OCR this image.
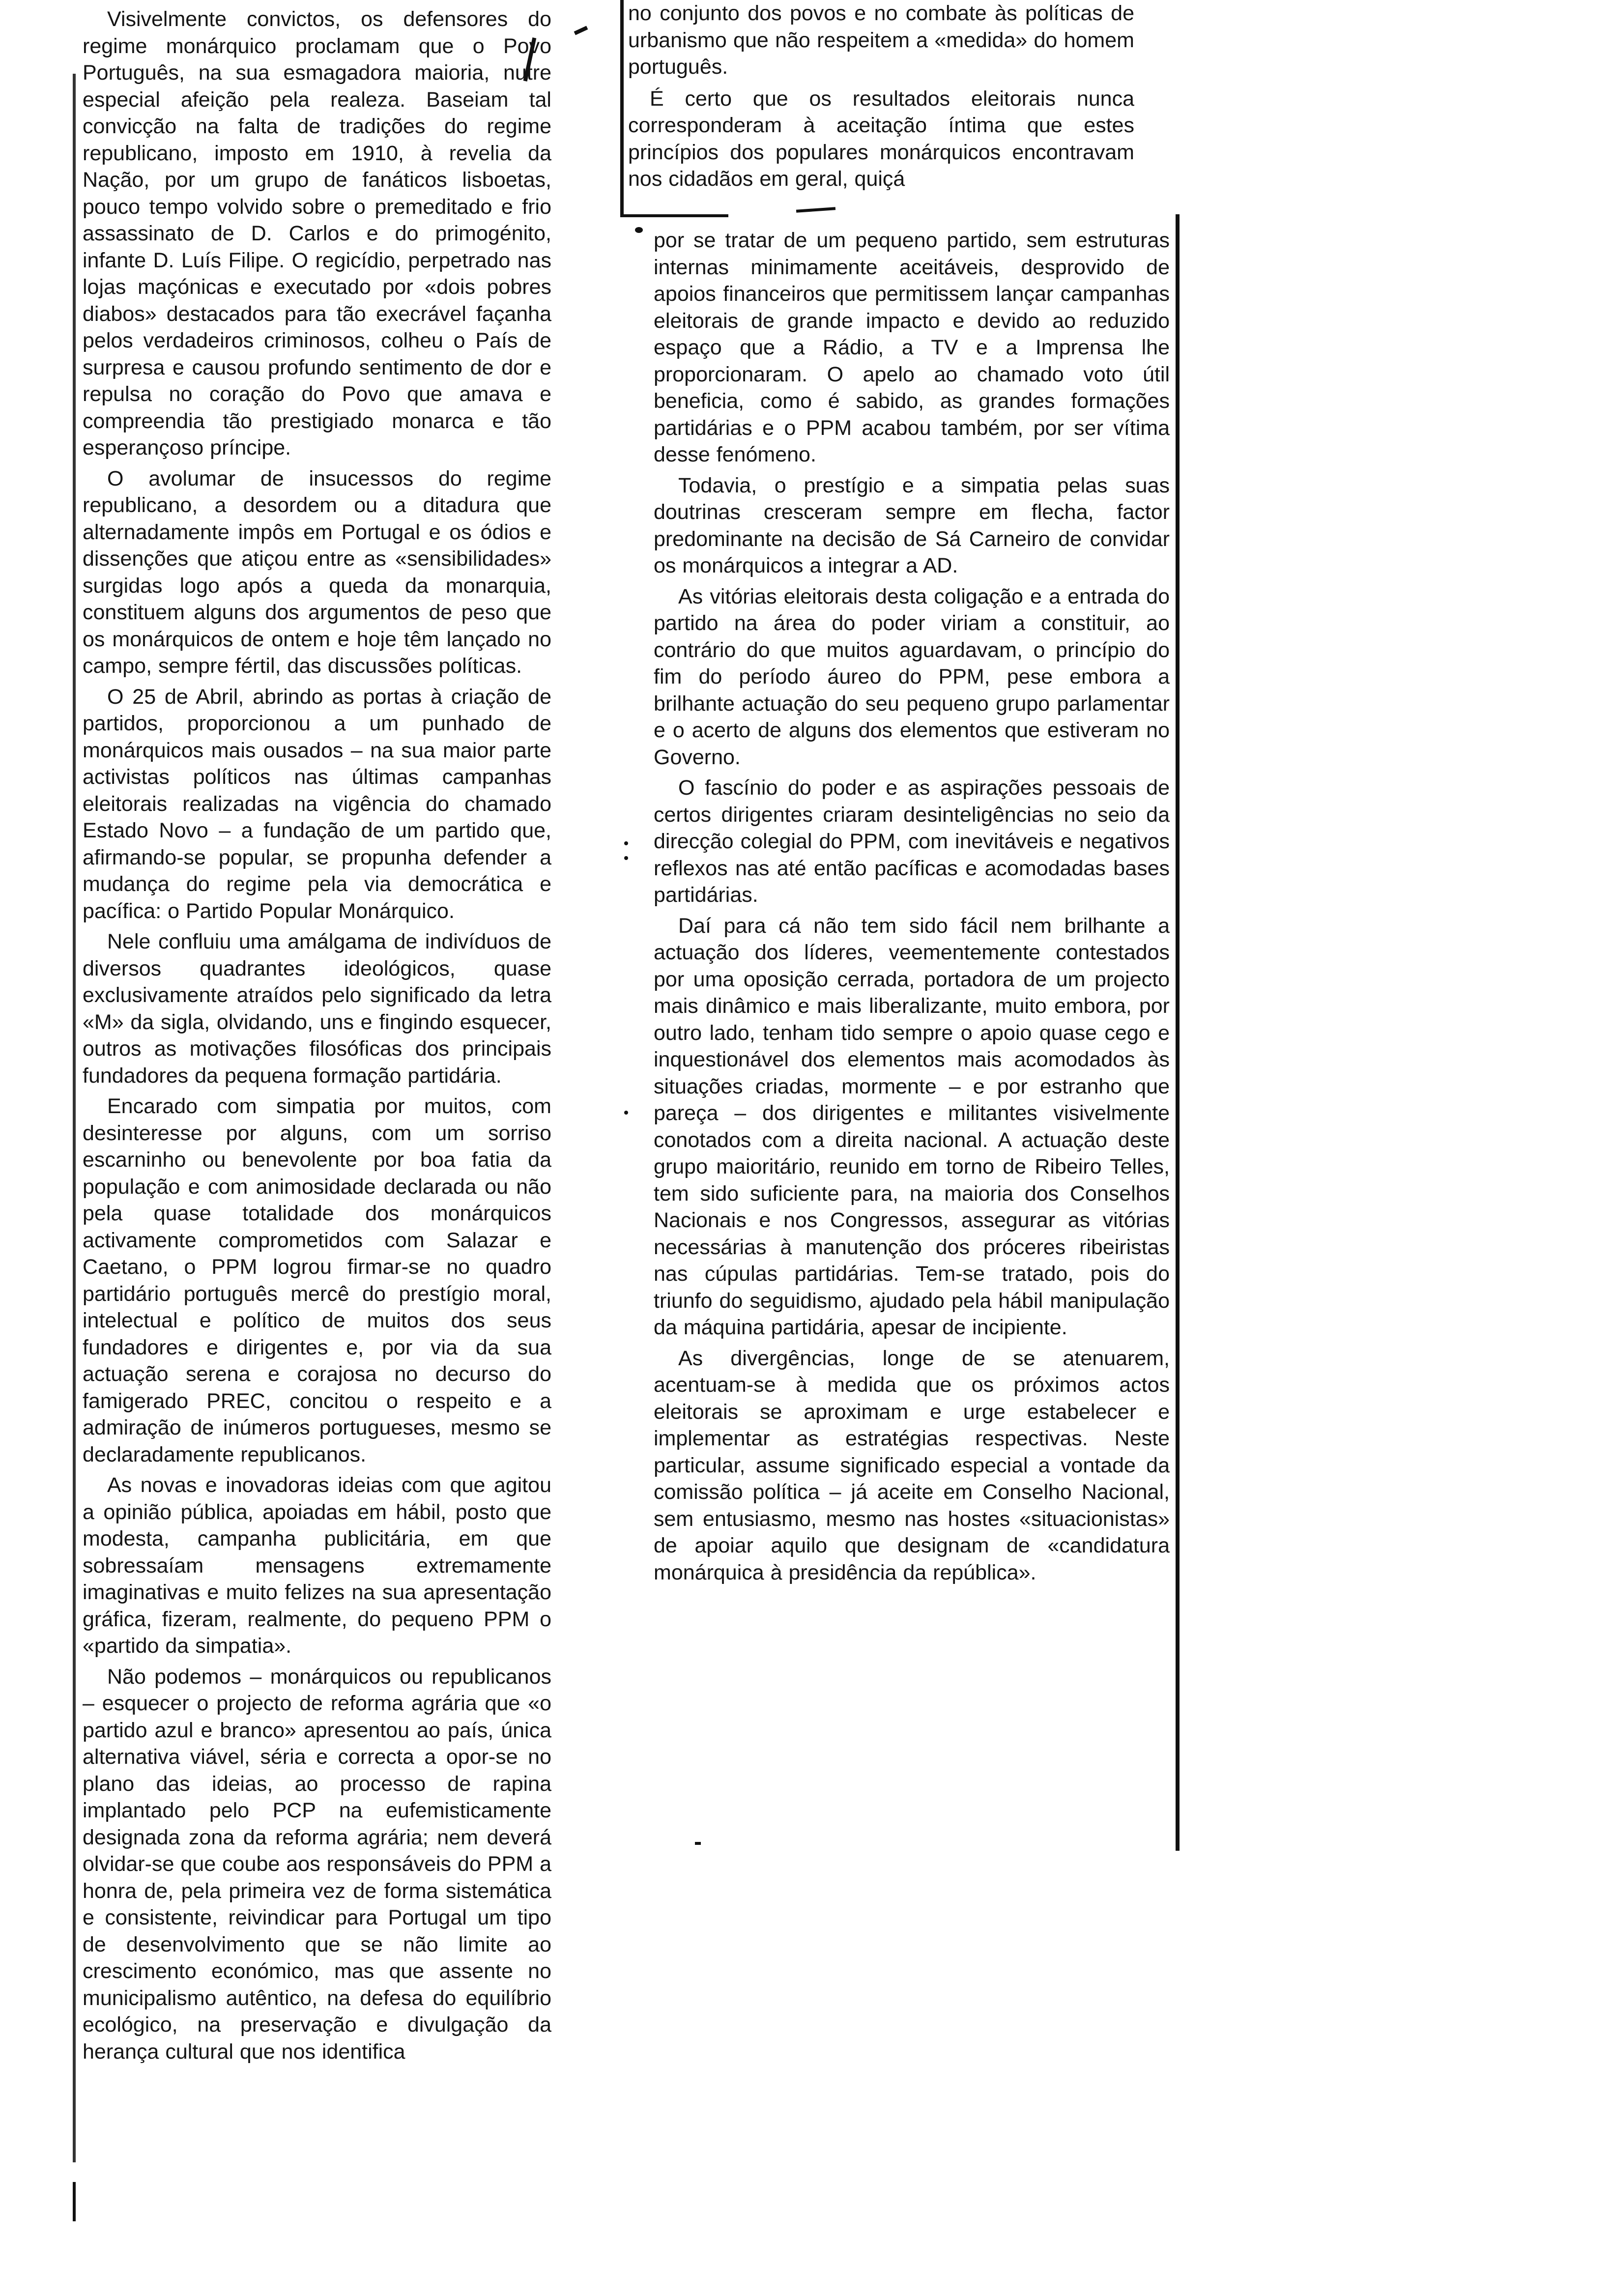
Visivelmente convictos, os defensores do regime monárquico proclamam que o Povo Português, na sua esmagadora maioria, nutre especial afeição pela realeza. Baseiam tal convicção na falta de tradições do regime republicano, imposto em 1910, à revelia da Nação, por um grupo de fanáticos lisboetas, pouco tempo volvido sobre o premeditado e frio assassinato de D. Carlos e do primogénito, infante D. Luís Filipe. O regicídio, perpetrado nas lojas maçónicas e executado por «dois pobres diabos» destacados para tão execrável façanha pelos verdadeiros criminosos, colheu o País de surpresa e causou profundo sentimento de dor e repulsa no coração do Povo que amava e compreendia tão prestigiado monarca e tão esperançoso príncipe.

O avolumar de insucessos do regime republicano, a desordem ou a ditadura que alternadamente impôs em Portugal e os ódios e dissenções que atiçou entre as «sensibilidades» surgidas logo após a queda da monarquia, constituem alguns dos argumentos de peso que os monárquicos de ontem e hoje têm lançado no campo, sempre fértil, das discussões políticas.

O 25 de Abril, abrindo as portas à criação de partidos, proporcionou a um punhado de monárquicos mais ousados – na sua maior parte activistas políticos nas últimas campanhas eleitorais realizadas na vigência do chamado Estado Novo – a fundação de um partido que, afirmando-se popular, se propunha defender a mudança do regime pela via democrática e pacífica: o Partido Popular Monárquico.

Nele confluiu uma amálgama de indivíduos de diversos quadrantes ideológicos, quase exclusivamente atraídos pelo significado da letra «M» da sigla, olvidando, uns e fingindo esquecer, outros as motivações filosóficas dos principais fundadores da pequena formação partidária.

Encarado com simpatia por muitos, com desinteresse por alguns, com um sorriso escarninho ou benevolente por boa fatia da população e com animosidade declarada ou não pela quase totalidade dos monárquicos activamente comprometidos com Salazar e Caetano, o PPM logrou firmar-se no quadro partidário português mercê do prestígio moral, intelectual e político de muitos dos seus fundadores e dirigentes e, por via da sua actuação serena e corajosa no decurso do famigerado PREC, concitou o respeito e a admiração de inúmeros portugueses, mesmo se declaradamente republicanos.

As novas e inovadoras ideias com que agitou a opinião pública, apoiadas em hábil, posto que modesta, campanha publicitária, em que sobressaíam mensagens extremamente imaginativas e muito felizes na sua apresentação gráfica, fizeram, realmente, do pequeno PPM o «partido da simpatia».

Não podemos – monárquicos ou republicanos – esquecer o projecto de reforma agrária que «o partido azul e branco» apresentou ao país, única alternativa viável, séria e correcta a opor-se no plano das ideias, ao processo de rapina implantado pelo PCP na eufemisticamente designada zona da reforma agrária; nem deverá olvidar-se que coube aos responsáveis do PPM a honra de, pela primeira vez de forma sistemática e consistente, reivindicar para Portugal um tipo de desenvolvimento que se não limite ao crescimento económico, mas que assente no municipalismo autêntico, na defesa do equilíbrio ecológico, na preservação e divulgação da herança cultural que nos identifica

no conjunto dos povos e no combate às políticas de urbanismo que não respeitem a «medida» do homem português.

É certo que os resultados eleitorais nunca corresponderam à aceitação íntima que estes princípios dos populares monárquicos encontravam nos cidadãos em geral, quiçá

por se tratar de um pequeno partido, sem estruturas internas minimamente aceitáveis, desprovido de apoios financeiros que permitissem lançar campanhas eleitorais de grande impacto e devido ao reduzido espaço que a Rádio, a TV e a Imprensa lhe proporcionaram. O apelo ao chamado voto útil beneficia, como é sabido, as grandes formações partidárias e o PPM acabou também, por ser vítima desse fenómeno.

Todavia, o prestígio e a simpatia pelas suas doutrinas cresceram sempre em flecha, factor predominante na decisão de Sá Carneiro de convidar os monárquicos a integrar a AD.

As vitórias eleitorais desta coligação e a entrada do partido na área do poder viriam a constituir, ao contrário do que muitos aguardavam, o princípio do fim do período áureo do PPM, pese embora a brilhante actuação do seu pequeno grupo parlamentar e o acerto de alguns dos elementos que estiveram no Governo.

O fascínio do poder e as aspirações pessoais de certos dirigentes criaram desinteligências no seio da direcção colegial do PPM, com inevitáveis e negativos reflexos nas até então pacíficas e acomodadas bases partidárias.

Daí para cá não tem sido fácil nem brilhante a actuação dos líderes, veementemente contestados por uma oposição cerrada, portadora de um projecto mais dinâmico e mais liberalizante, muito embora, por outro lado, tenham tido sempre o apoio quase cego e inquestionável dos elementos mais acomodados às situações criadas, mormente – e por estranho que pareça – dos dirigentes e militantes visivelmente conotados com a direita nacional. A actuação deste grupo maioritário, reunido em torno de Ribeiro Telles, tem sido suficiente para, na maioria dos Conselhos Nacionais e nos Congressos, assegurar as vitórias necessárias à manutenção dos próceres ribeiristas nas cúpulas partidárias. Tem-se tratado, pois do triunfo do seguidismo, ajudado pela hábil manipulação da máquina partidária, apesar de incipiente.

As divergências, longe de se atenuarem, acentuam-se à medida que os próximos actos eleitorais se aproximam e urge estabelecer e implementar as estratégias respectivas. Neste particular, assume significado especial a vontade da comissão política – já aceite em Conselho Nacional, sem entusiasmo, mesmo nas hostes «situacionistas» de apoiar aquilo que designam de «candidatura monárquica à presidência da república».
